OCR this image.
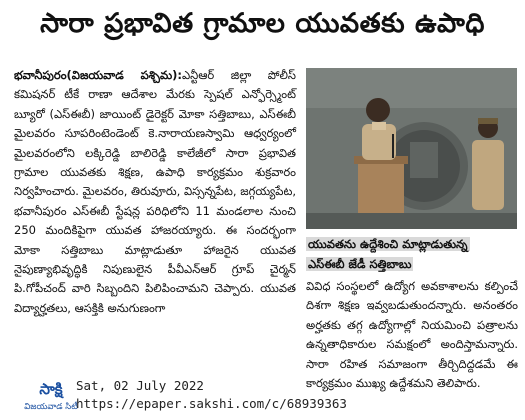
సారా ప్రభావిత గ్రామాల యువతకు ఉపాధి
భవానీపురం(విజయవాడ పశ్చిమ):ఎన్టీఆర్ జిల్లా పోలీస్ కమిషనర్ టీకే రాణా ఆదేశాల మేరకు స్పెషల్ ఎన్ఫోర్స్మెంట్ బ్యూరో (ఎస్ఈబీ) జాయింట్ డైరెక్టర్ మోకా సత్తిబాబు, ఎస్ఈబీ మైలవరం సూపరింటెండెంట్ కె.నారాయణస్వామి ఆధ్వర్యంలో మైలవరంలోని లక్కిరెడ్డి బాలిరెడ్డి కాలేజీలో సారా ప్రభావిత గ్రామాల యువతకు శిక్షణ, ఉపాధి కార్యక్రమం శుక్రవారం నిర్వహించారు. మైలవరం, తిరువూరు, విస్సన్నపేట, జగ్గయ్యపేట, భవానీపురం ఎస్ఈబీ స్టేషన్ల పరిధిలోని 11 మండలాల నుంచి 250 మందికిపైగా యువత హాజరయ్యారు. ఈ సందర్భంగా మోకా సత్తిబాబు మాట్లాడుతూ హాజరైన యువత నైపుణ్యాభివృద్ధికి నిపుణులైన పీవీఎన్ఆర్ గ్రూప్ చైర్మన్ పి.గోపీచంద్ వారి సిబ్బందిని పిలిపించామని చెప్పారు. యువత విద్యార్హతలు, ఆసక్తికి అనుగుణంగా
యువతను ఉద్దేశించి మాట్లాడుతున్న
ఎస్ఈబీ జేడీ సత్తిబాబు
వివిధ సంస్థలలో ఉద్యోగ అవకాశాలను కల్పించే దిశగా శిక్షణ ఇవ్వబడుతుందన్నారు. అనంతరం అర్హతకు తగ్గ ఉద్యోగాల్లో నియమించి పత్రాలను ఉన్నతాధికారుల సమక్షంలో అందిస్తామన్నారు. సారా రహిత సమాజంగా తీర్చిదిద్దడమే ఈ కార్యక్రమం ముఖ్య ఉద్దేశమని తెలిపారు.
సాక్షి
విజయవాడ సిటీ
Sat, 02 July 2022
https://epaper.sakshi.com/c/68939363
